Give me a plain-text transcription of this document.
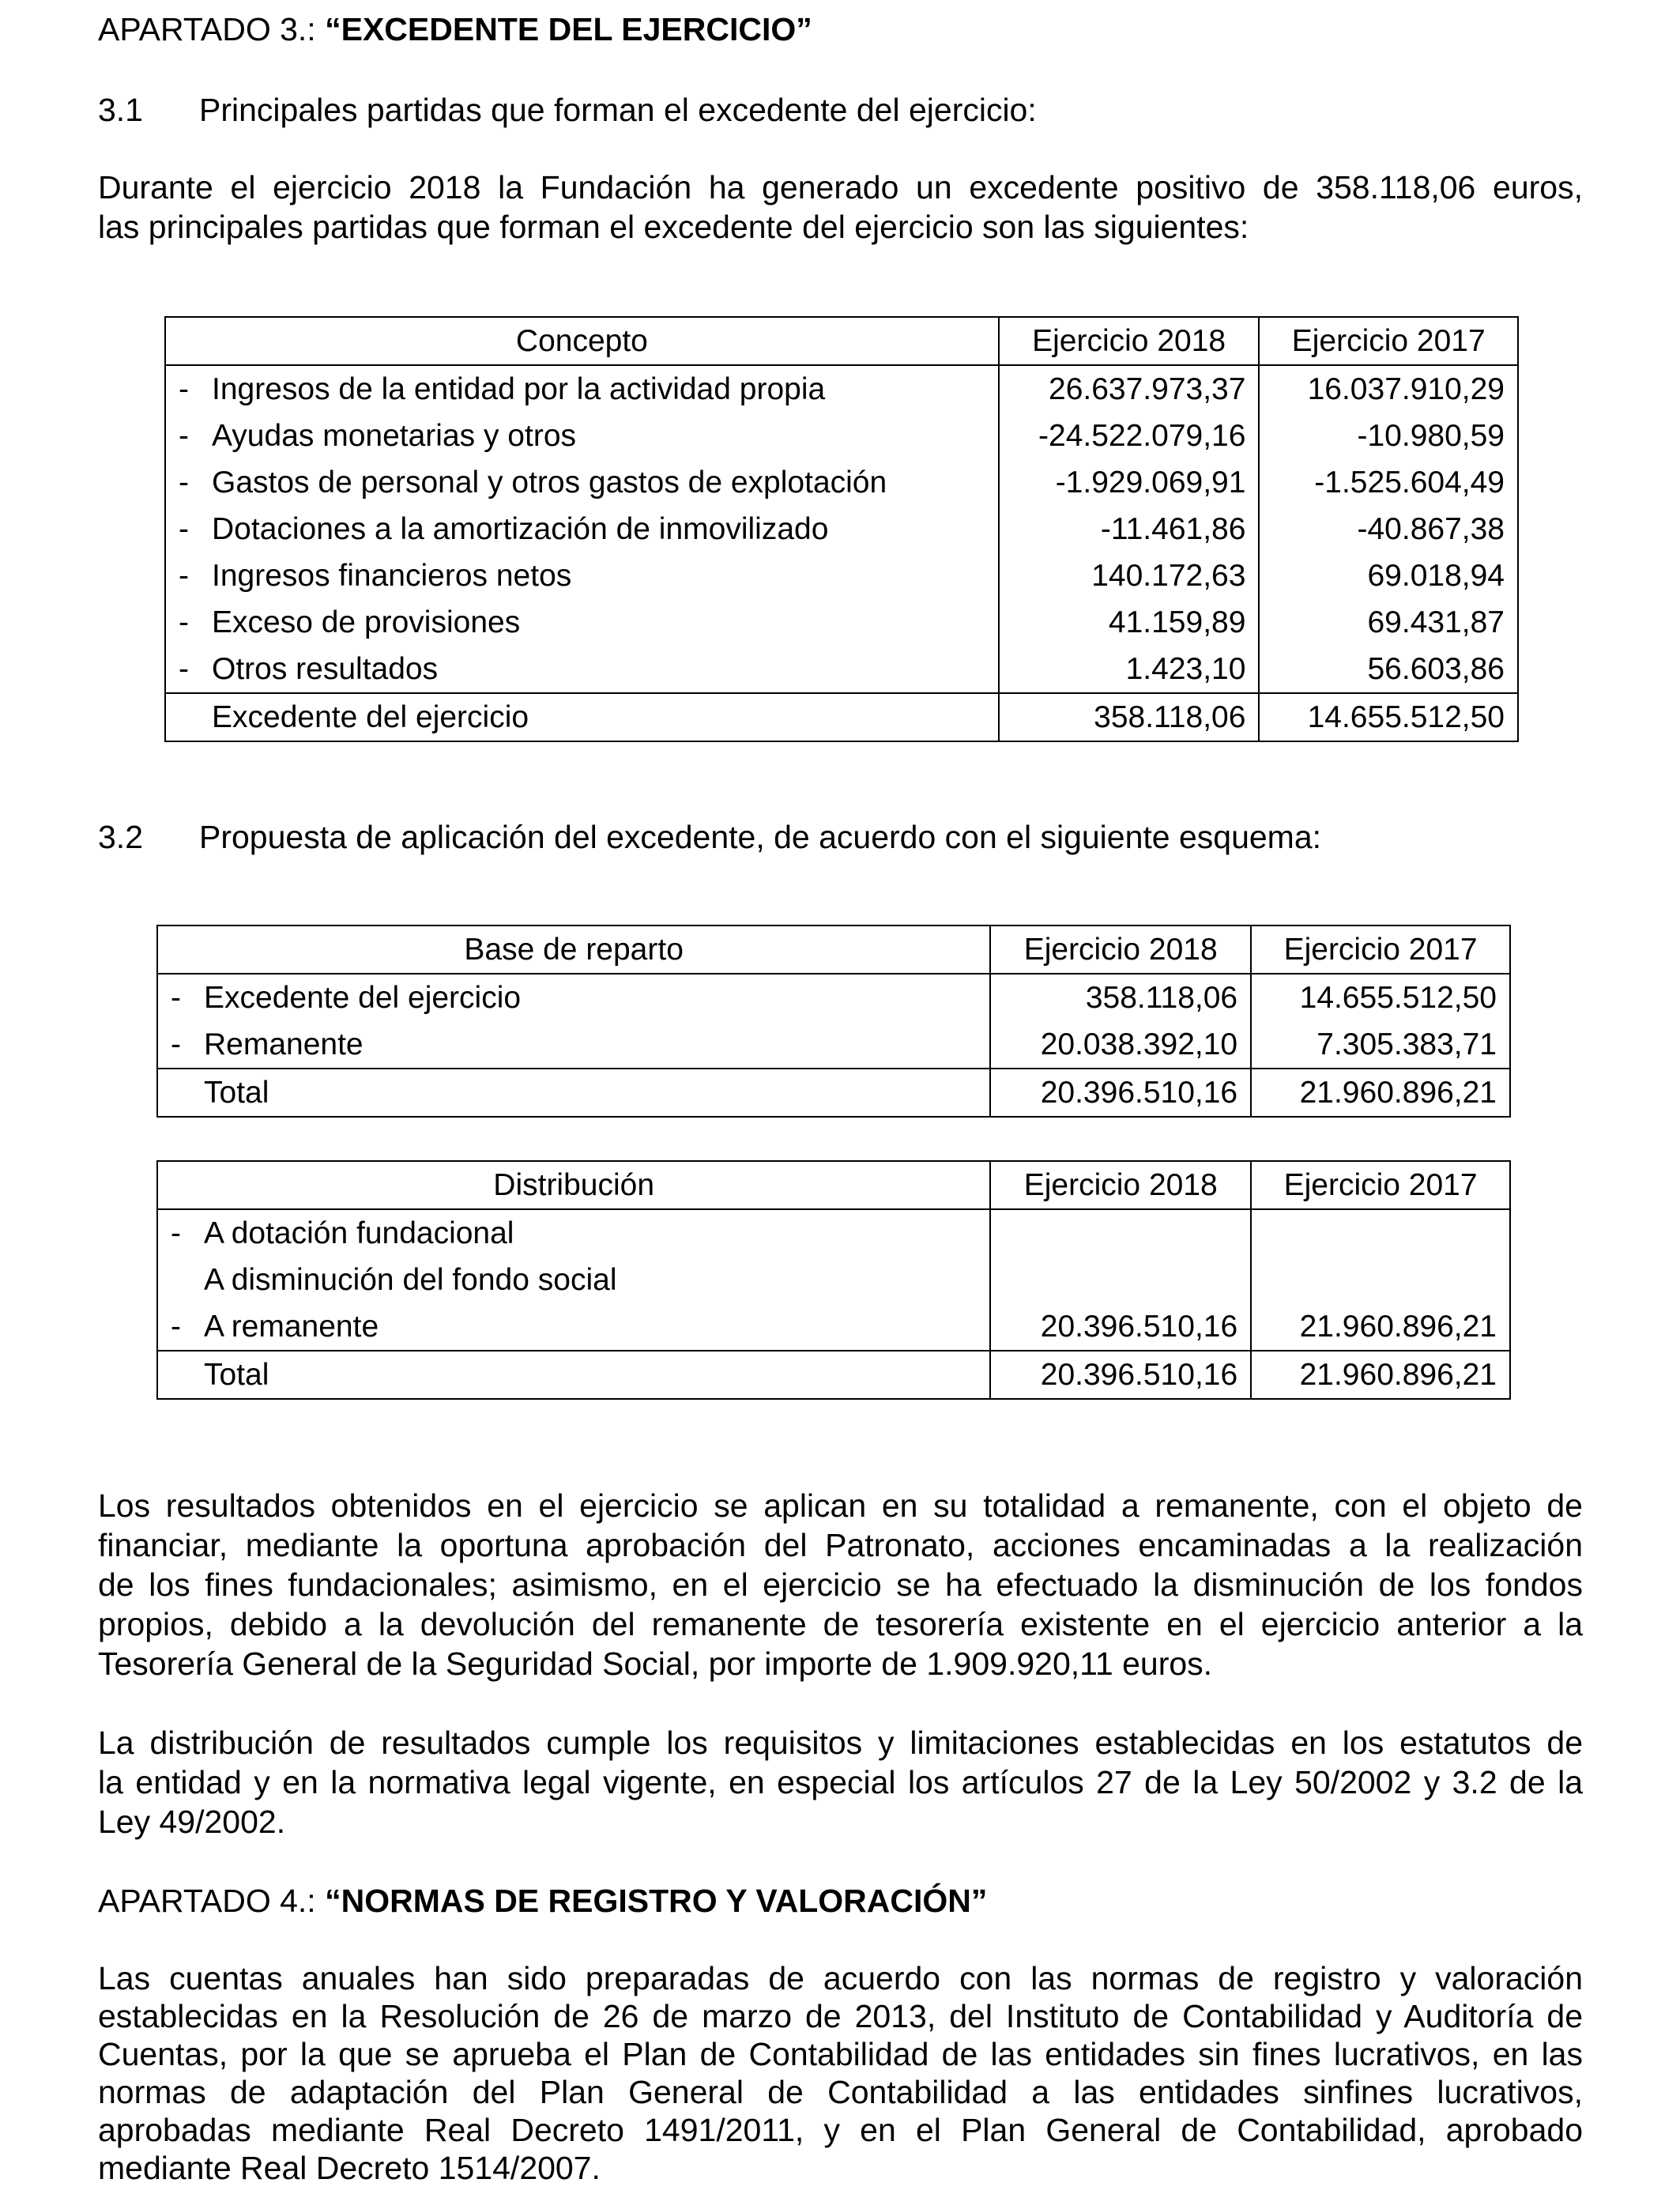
APARTADO 3.: “EXCEDENTE DEL EJERCICIO”
3.1 Principales partidas que forman el excedente del ejercicio:
Durante el ejercicio 2018 la Fundación ha generado un excedente positivo de 358.118,06 euros,
las principales partidas que forman el excedente del ejercicio son las siguientes:
Concepto	Ejercicio 2018	Ejercicio 2017
- Ingresos de la entidad por la actividad propia	26.637.973,37	16.037.910,29
- Ayudas monetarias y otros	-24.522.079,16	-10.980,59
- Gastos de personal y otros gastos de explotación	-1.929.069,91	-1.525.604,49
- Dotaciones a la amortización de inmovilizado	-11.461,86	-40.867,38
- Ingresos financieros netos	140.172,63	69.018,94
- Exceso de provisiones	41.159,89	69.431,87
- Otros resultados	1.423,10	56.603,86
Excedente del ejercicio	358.118,06	14.655.512,50
3.2 Propuesta de aplicación del excedente, de acuerdo con el siguiente esquema:
Base de reparto	Ejercicio 2018	Ejercicio 2017
- Excedente del ejercicio	358.118,06	14.655.512,50
- Remanente	20.038.392,10	7.305.383,71
Total	20.396.510,16	21.960.896,21
Distribución	Ejercicio 2018	Ejercicio 2017
- A dotación fundacional		
A disminución del fondo social		
- A remanente	20.396.510,16	21.960.896,21
Total	20.396.510,16	21.960.896,21
Los resultados obtenidos en el ejercicio se aplican en su totalidad a remanente, con el objeto de
financiar, mediante la oportuna aprobación del Patronato, acciones encaminadas a la realización
de los fines fundacionales; asimismo, en el ejercicio se ha efectuado la disminución de los fondos
propios, debido a la devolución del remanente de tesorería existente en el ejercicio anterior a la
Tesorería General de la Seguridad Social, por importe de 1.909.920,11 euros.
La distribución de resultados cumple los requisitos y limitaciones establecidas en los estatutos de
la entidad y en la normativa legal vigente, en especial los artículos 27 de la Ley 50/2002 y 3.2 de la
Ley 49/2002.
APARTADO 4.: “NORMAS DE REGISTRO Y VALORACIÓN”
Las cuentas anuales han sido preparadas de acuerdo con las normas de registro y valoración
establecidas en la Resolución de 26 de marzo de 2013, del Instituto de Contabilidad y Auditoría de
Cuentas, por la que se aprueba el Plan de Contabilidad de las entidades sin fines lucrativos, en las
normas de adaptación del Plan General de Contabilidad a las entidades sinfines lucrativos,
aprobadas mediante Real Decreto 1491/2011, y en el Plan General de Contabilidad, aprobado
mediante Real Decreto 1514/2007.
